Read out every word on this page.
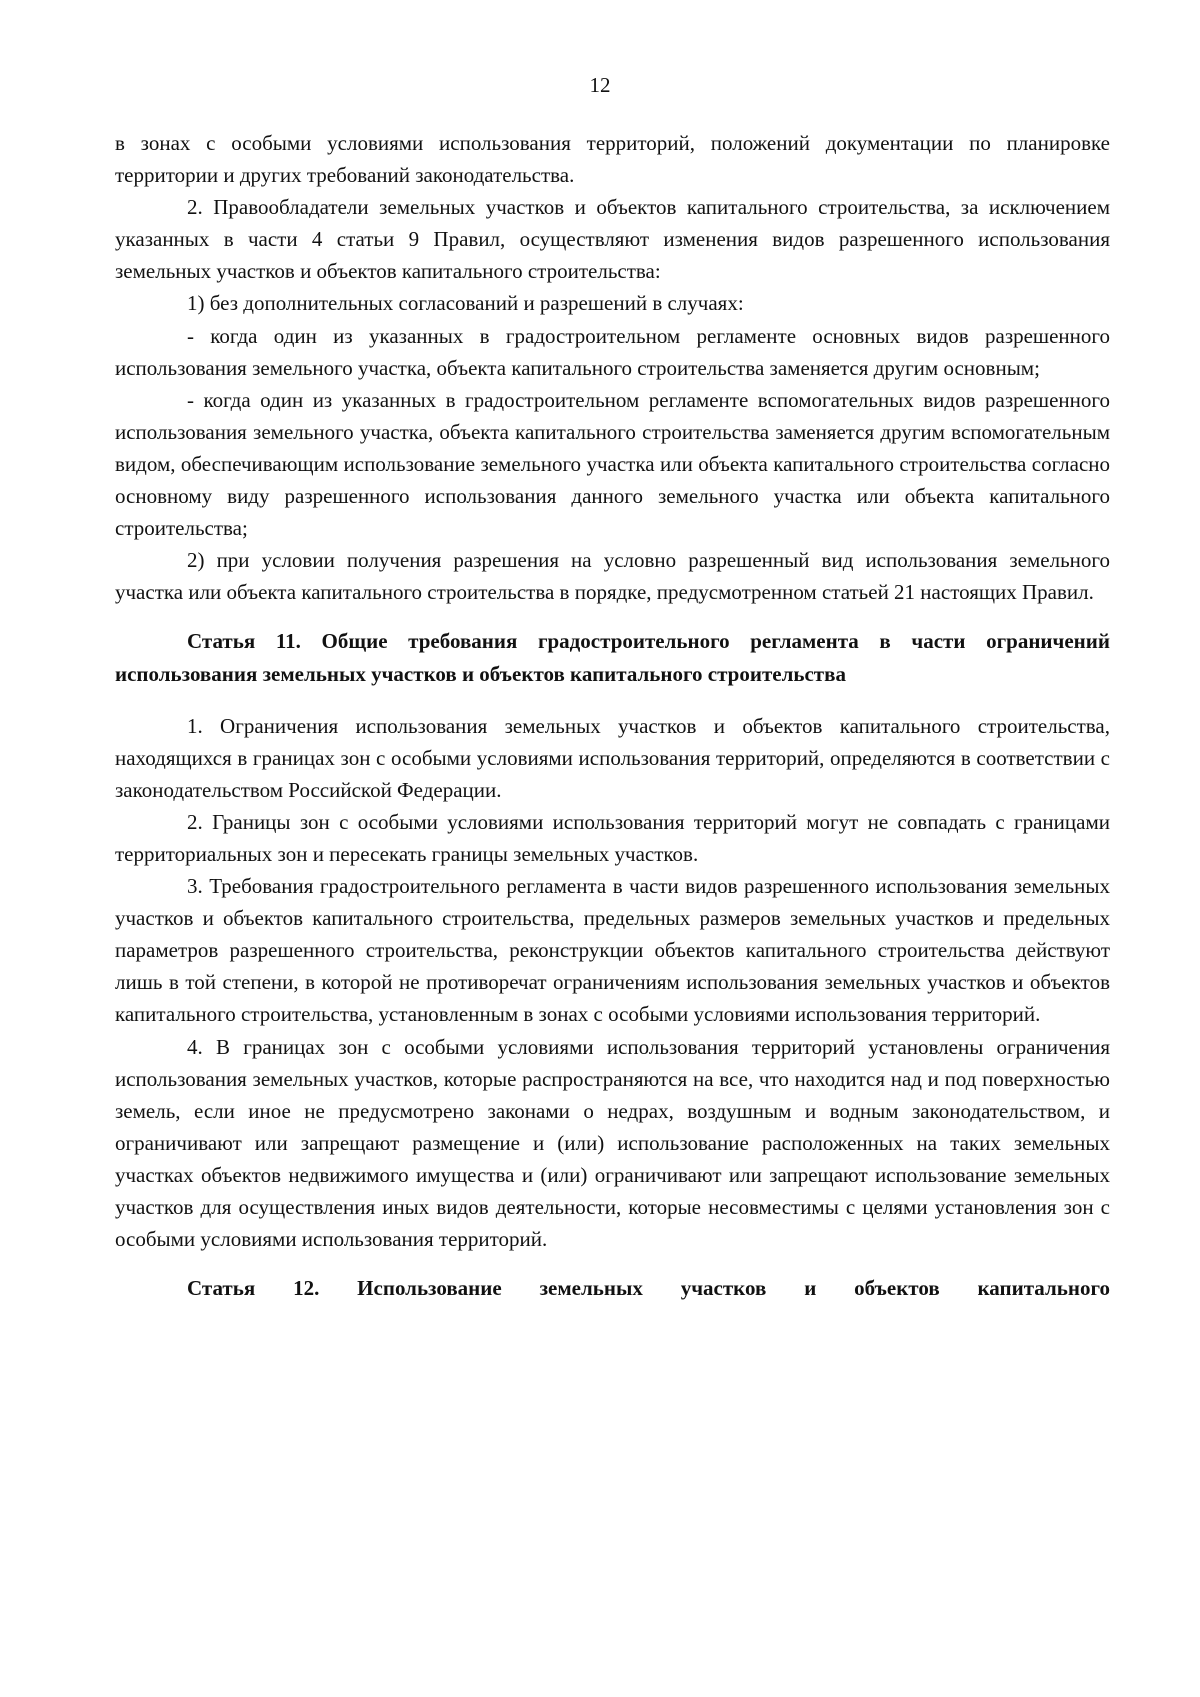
12

в зонах с особыми условиями использования территорий, положений документации по планировке территории и других требований законодательства.

2. Правообладатели земельных участков и объектов капитального строительства, за исключением указанных в части 4 статьи 9 Правил, осуществляют изменения видов разрешенного использования земельных участков и объектов капитального строительства:

1) без дополнительных согласований и разрешений в случаях:

- когда один из указанных в градостроительном регламенте основных видов разрешенного использования земельного участка, объекта капитального строительства заменяется другим основным;

- когда один из указанных в градостроительном регламенте вспомогательных видов разрешенного использования земельного участка, объекта капитального строительства заменяется другим вспомогательным видом, обеспечивающим использование земельного участка или объекта капитального строительства согласно основному виду разрешенного использования данного земельного участка или объекта капитального строительства;

2) при условии получения разрешения на условно разрешенный вид использования земельного участка или объекта капитального строительства в порядке, предусмотренном статьей 21 настоящих Правил.

Статья 11. Общие требования градостроительного регламента в части ограничений использования земельных участков и объектов капитального строительства

1. Ограничения использования земельных участков и объектов капитального строительства, находящихся в границах зон с особыми условиями использования территорий, определяются в соответствии с законодательством Российской Федерации.

2. Границы зон с особыми условиями использования территорий могут не совпадать с границами территориальных зон и пересекать границы земельных участков.

3. Требования градостроительного регламента в части видов разрешенного использования земельных участков и объектов капитального строительства, предельных размеров земельных участков и предельных параметров разрешенного строительства, реконструкции объектов капитального строительства действуют лишь в той степени, в которой не противоречат ограничениям использования земельных участков и объектов капитального строительства, установленным в зонах с особыми условиями использования территорий.

4. В границах зон с особыми условиями использования территорий установлены ограничения использования земельных участков, которые распространяются на все, что находится над и под поверхностью земель, если иное не предусмотрено законами о недрах, воздушным и водным законодательством, и ограничивают или запрещают размещение и (или) использование расположенных на таких земельных участках объектов недвижимого имущества и (или) ограничивают или запрещают использование земельных участков для осуществления иных видов деятельности, которые несовместимы с целями установления зон с особыми условиями использования территорий.

Статья 12. Использование земельных участков и объектов капитального
